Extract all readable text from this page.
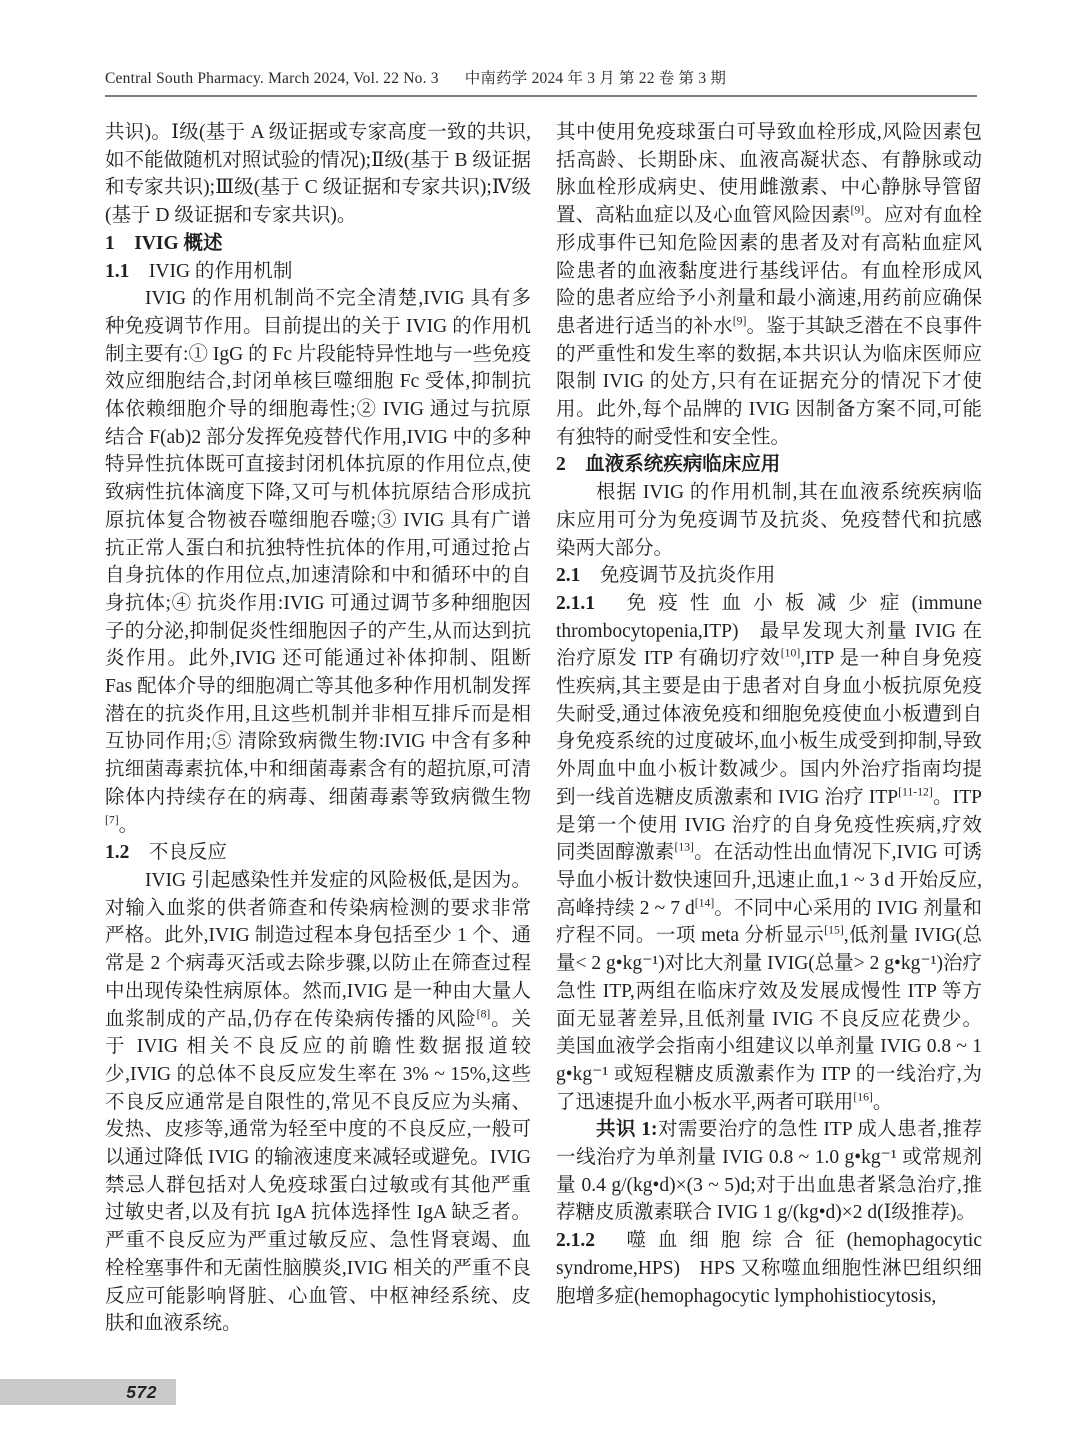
Central South Pharmacy. March 2024, Vol. 22 No. 3 中南药学 2024 年 3 月 第 22 卷 第 3 期

共识)。Ⅰ级(基于 A 级证据或专家高度一致的共识,如不能做随机对照试验的情况);Ⅱ级(基于 B 级证据和专家共识);Ⅲ级(基于 C 级证据和专家共识);Ⅳ级(基于 D 级证据和专家共识)。

1 IVIG 概述

1.1 IVIG 的作用机制

IVIG 的作用机制尚不完全清楚,IVIG 具有多种免疫调节作用。目前提出的关于 IVIG 的作用机制主要有:① IgG 的 Fc 片段能特异性地与一些免疫效应细胞结合,封闭单核巨噬细胞 Fc 受体,抑制抗体依赖细胞介导的细胞毒性;② IVIG 通过与抗原结合 F(ab)2 部分发挥免疫替代作用,IVIG 中的多种特异性抗体既可直接封闭机体抗原的作用位点,使致病性抗体滴度下降,又可与机体抗原结合形成抗原抗体复合物被吞噬细胞吞噬;③ IVIG 具有广谱抗正常人蛋白和抗独特性抗体的作用,可通过抢占自身抗体的作用位点,加速清除和中和循环中的自身抗体;④ 抗炎作用:IVIG 可通过调节多种细胞因子的分泌,抑制促炎性细胞因子的产生,从而达到抗炎作用。此外,IVIG 还可能通过补体抑制、阻断 Fas 配体介导的细胞凋亡等其他多种作用机制发挥潜在的抗炎作用,且这些机制并非相互排斥而是相互协同作用;⑤ 清除致病微生物:IVIG 中含有多种抗细菌毒素抗体,中和细菌毒素含有的超抗原,可清除体内持续存在的病毒、细菌毒素等致病微生物[7]。

1.2 不良反应

IVIG 引起感染性并发症的风险极低,是因为。对输入血浆的供者筛查和传染病检测的要求非常严格。此外,IVIG 制造过程本身包括至少 1 个、通常是 2 个病毒灭活或去除步骤,以防止在筛查过程中出现传染性病原体。然而,IVIG 是一种由大量人血浆制成的产品,仍存在传染病传播的风险[8]。关于 IVIG 相关不良反应的前瞻性数据报道较少,IVIG 的总体不良反应发生率在 3% ~ 15%,这些不良反应通常是自限性的,常见不良反应为头痛、发热、皮疹等,通常为轻至中度的不良反应,一般可以通过降低 IVIG 的输液速度来减轻或避免。IVIG 禁忌人群包括对人免疫球蛋白过敏或有其他严重过敏史者,以及有抗 IgA 抗体选择性 IgA 缺乏者。严重不良反应为严重过敏反应、急性肾衰竭、血栓栓塞事件和无菌性脑膜炎,IVIG 相关的严重不良反应可能影响肾脏、心血管、中枢神经系统、皮肤和血液系统。

其中使用免疫球蛋白可导致血栓形成,风险因素包括高龄、长期卧床、血液高凝状态、有静脉或动脉血栓形成病史、使用雌激素、中心静脉导管留置、高粘血症以及心血管风险因素[9]。应对有血栓形成事件已知危险因素的患者及对有高粘血症风险患者的血液黏度进行基线评估。有血栓形成风险的患者应给予小剂量和最小滴速,用药前应确保患者进行适当的补水[9]。鉴于其缺乏潜在不良事件的严重性和发生率的数据,本共识认为临床医师应限制 IVIG 的处方,只有在证据充分的情况下才使用。此外,每个品牌的 IVIG 因制备方案不同,可能有独特的耐受性和安全性。

2 血液系统疾病临床应用

根据 IVIG 的作用机制,其在血液系统疾病临床应用可分为免疫调节及抗炎、免疫替代和抗感染两大部分。

2.1 免疫调节及抗炎作用

2.1.1 免疫性血小板减少症(immune thrombocytopenia,ITP) 最早发现大剂量 IVIG 在治疗原发 ITP 有确切疗效[10],ITP 是一种自身免疫性疾病,其主要是由于患者对自身血小板抗原免疫失耐受,通过体液免疫和细胞免疫使血小板遭到自身免疫系统的过度破坏,血小板生成受到抑制,导致外周血中血小板计数减少。国内外治疗指南均提到一线首选糖皮质激素和 IVIG 治疗 ITP[11-12]。ITP 是第一个使用 IVIG 治疗的自身免疫性疾病,疗效同类固醇激素[13]。在活动性出血情况下,IVIG 可诱导血小板计数快速回升,迅速止血,1 ~ 3 d 开始反应,高峰持续 2 ~ 7 d[14]。不同中心采用的 IVIG 剂量和疗程不同。一项 meta 分析显示[15],低剂量 IVIG(总量< 2 g•kg⁻¹)对比大剂量 IVIG(总量> 2 g•kg⁻¹)治疗急性 ITP,两组在临床疗效及发展成慢性 ITP 等方面无显著差异,且低剂量 IVIG 不良反应花费少。美国血液学会指南小组建议以单剂量 IVIG 0.8 ~ 1 g•kg⁻¹ 或短程糖皮质激素作为 ITP 的一线治疗,为了迅速提升血小板水平,两者可联用[16]。

共识 1:对需要治疗的急性 ITP 成人患者,推荐一线治疗为单剂量 IVIG 0.8 ~ 1.0 g•kg⁻¹ 或常规剂量 0.4 g/(kg•d)×(3 ~ 5)d;对于出血患者紧急治疗,推荐糖皮质激素联合 IVIG 1 g/(kg•d)×2 d(Ⅰ级推荐)。

2.1.2 噬血细胞综合征(hemophagocytic syndrome,HPS) HPS 又称噬血细胞性淋巴组织细胞增多症(hemophagocytic lymphohistiocytosis,

572
